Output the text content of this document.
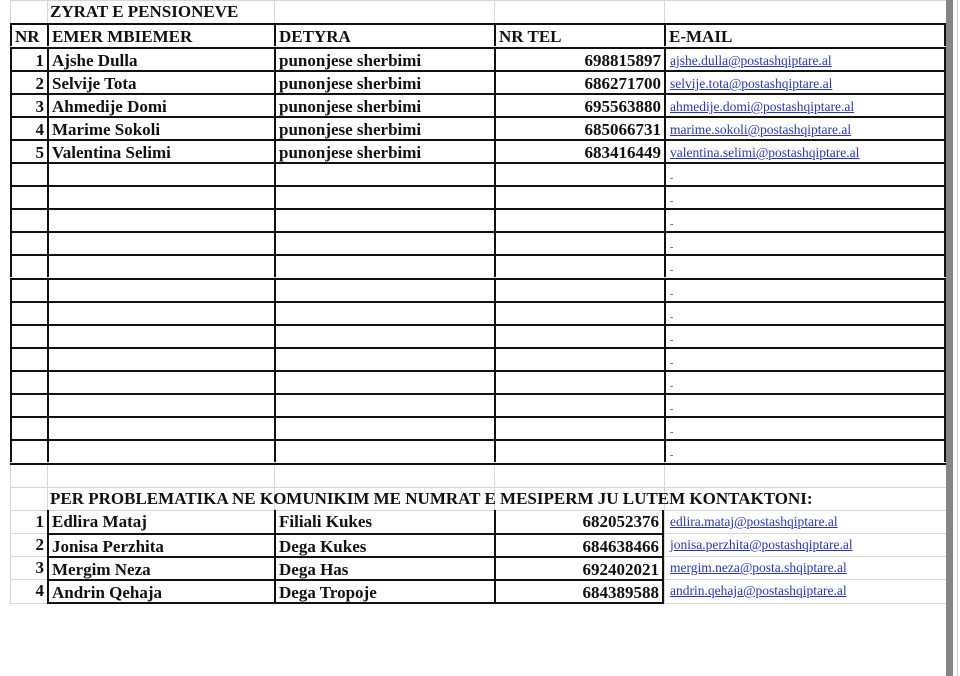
ZYRAT E PENSIONEVE
NR EMER MBIEMER	DETYRA	NR TEL	E-MAIL
1 Ajshe Dulla	punonjese sherbimi	698815897 ajshe.dulla@postashqiptare.al
2 Selvije Tota	punonjese sherbimi	686271700 selvije.tota@postashqiptare.al
3 Ahmedije Domi	punonjese sherbimi	695563880 ahmedije.domi@postashqiptare.al
4 Marime Sokoli	punonjese sherbimi	685066731 marime.sokoli@postashqiptare.al
5 Valentina Selimi	punonjese sherbimi	683416449 valentina.selimi@postashqiptare.al
-
-
-
-
-
-
-
-
-
-
-
-
-
PER PROBLEMATIKA NE KOMUNIKIM ME NUMRAT E MESIPERM JU LUTEM KONTAKTONI:
1 Edlira Mataj	Filiali Kukes	682052376 edlira.mataj@postashqiptare.al
2 Jonisa Perzhita	Dega Kukes	684638466 jonisa.perzhita@postashqiptare.al
3 Mergim Neza	Dega Has	692402021 mergim.neza@posta.shqiptare.al
4 Andrin Qehaja	Dega Tropoje	684389588 andrin.qehaja@postashqiptare.al
